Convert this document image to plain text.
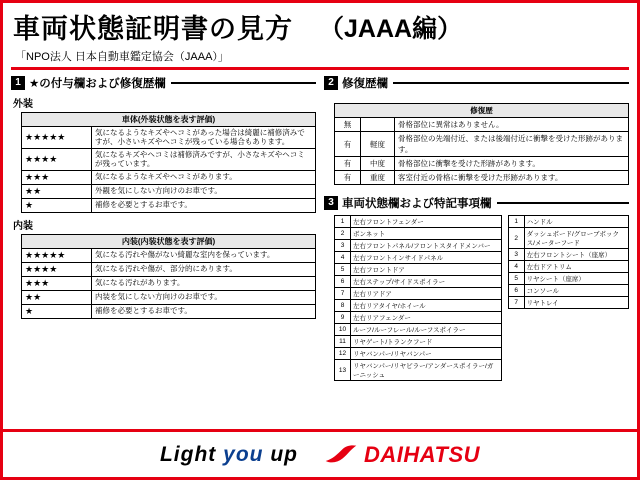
車両状態証明書の見方 （JAAA編）
「NPO法人 日本自動車鑑定協会（JAAA）」
1 ★の付与欄および修復歴欄
外装
車体(外装状態を表す評価)	
★★★★★	気になるようなキズやヘコミがあった場合は綺麗に補修済みですが、小さいキズやヘコミが残っている場合もあります。
★★★★	気になるキズやヘコミは補修済みですが、小さなキズやヘコミが残っています。
★★★	気になるようなキズやヘコミがあります。
★★	外観を気にしない方向けのお車です。
★	補修を必要とするお車です。
内装
内装(内装状態を表す評価)	
★★★★★	気になる汚れや傷がない綺麗な室内を保っています。
★★★★	気になる汚れや傷が、部分的にあります。
★★★	気になる汚れがあります。
★★	内装を気にしない方向けのお車です。
★	補修を必要とするお車です。
2 修復歴欄
修復歴		
無		骨格部位に異常はありません。
有	軽度	骨格部位の先端付近、または後端付近に衝撃を受けた形跡があります。
有	中度	骨格部位に衝撃を受けた形跡があります。
有	重度	客室付近の骨格に衝撃を受けた形跡があります。
3 車両状態欄および特記事項欄
1	左右フロントフェンダー
2	ボンネット
3	左右フロントパネル/フロントスタイドメンバー
4	左右フロントインサイドパネル
5	左右フロントドア
6	左右ステップ/サイドスポイラー
7	左右リアドア
8	左右リアタイヤ/ホイール
9	左右リアフェンダー
10	ルーフ/ルーフレール/ルーフスポイラー
11	リヤゲート/トランクフード
12	リヤバンパー/リヤバンパー
13	リヤバンパー/リヤピラー/アンダースポイラー/ガーニッシュ
1	ハンドル
2	ダッシュボード/グローブボックス/メーターフード
3	左右フロントシート（座席）
4	左右ドアトリム
5	リヤシート（座席）
6	コンソール
7	リヤトレイ
Light you up	DAIHATSU
